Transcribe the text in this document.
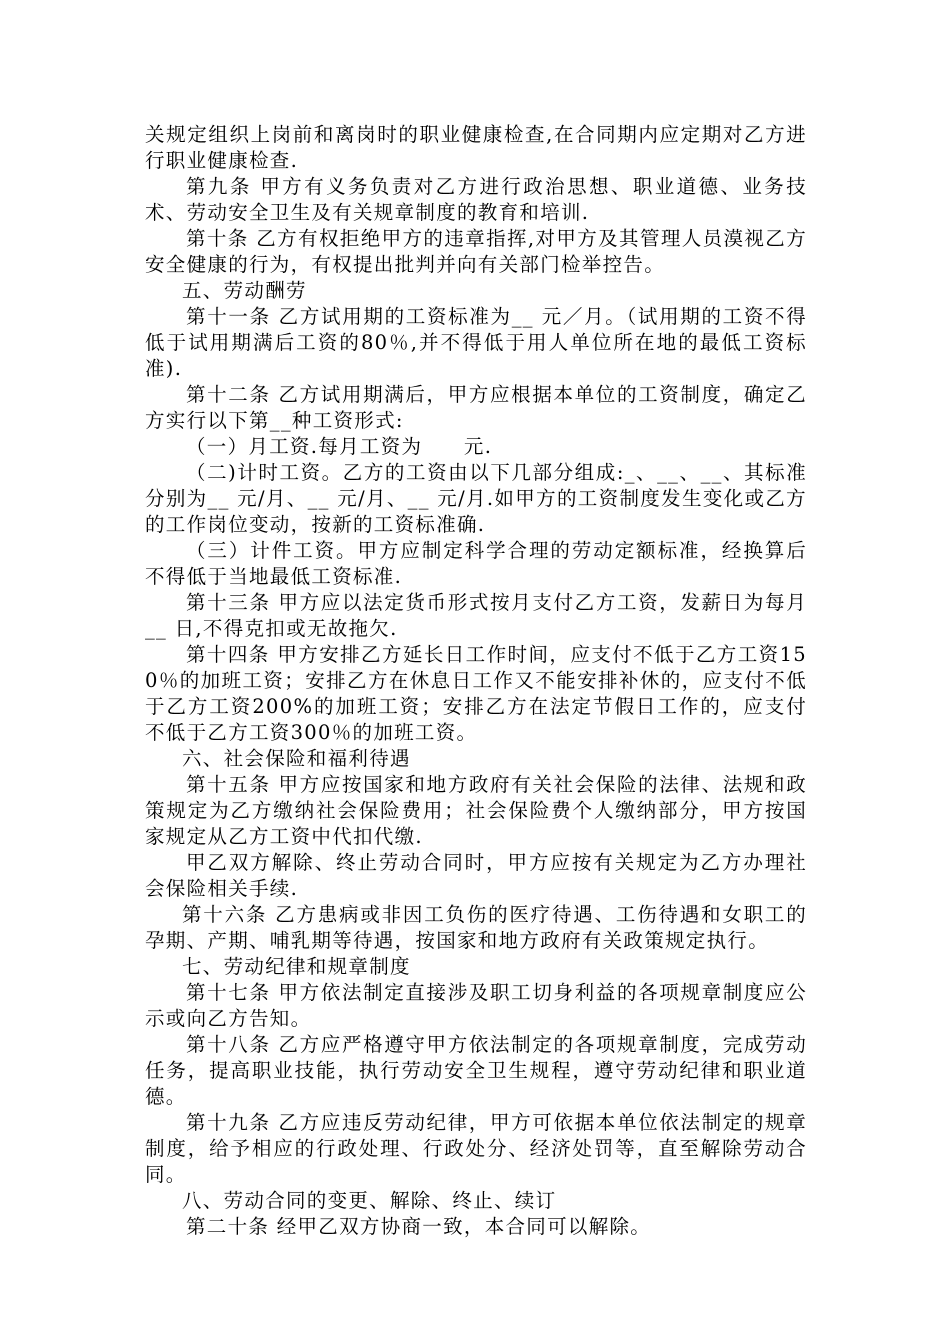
关规定组织上岗前和离岗时的职业健康检查,在合同期内应定期对乙方进行职业健康检查.

第九条 甲方有义务负责对乙方进行政治思想、职业道德、业务技术、劳动安全卫生及有关规章制度的教育和培训.

第十条 乙方有权拒绝甲方的违章指挥,对甲方及其管理人员漠视乙方安全健康的行为，有权提出批判并向有关部门检举控告。

五、劳动酬劳

第十一条 乙方试用期的工资标准为__ 元／月。（试用期的工资不得低于试用期满后工资的80％,并不得低于用人单位所在地的最低工资标准).

第十二条 乙方试用期满后，甲方应根据本单位的工资制度，确定乙方实行以下第__种工资形式:

（一）月工资.每月工资为　　元.

（二)计时工资。乙方的工资由以下几部分组成:_、__、__、其标准分别为__ 元/月、__ 元/月、__ 元/月.如甲方的工资制度发生变化或乙方的工作岗位变动，按新的工资标准确.

（三）计件工资。甲方应制定科学合理的劳动定额标准，经换算后不得低于当地最低工资标准.

第十三条 甲方应以法定货币形式按月支付乙方工资，发薪日为每月__ 日,不得克扣或无故拖欠.

第十四条 甲方安排乙方延长日工作时间，应支付不低于乙方工资150％的加班工资；安排乙方在休息日工作又不能安排补休的，应支付不低于乙方工资200%的加班工资；安排乙方在法定节假日工作的，应支付不低于乙方工资300％的加班工资。

六、社会保险和福利待遇

第十五条 甲方应按国家和地方政府有关社会保险的法律、法规和政策规定为乙方缴纳社会保险费用；社会保险费个人缴纳部分，甲方按国家规定从乙方工资中代扣代缴.

甲乙双方解除、终止劳动合同时，甲方应按有关规定为乙方办理社会保险相关手续.

第十六条 乙方患病或非因工负伤的医疗待遇、工伤待遇和女职工的孕期、产期、哺乳期等待遇，按国家和地方政府有关政策规定执行。

七、劳动纪律和规章制度

第十七条 甲方依法制定直接涉及职工切身利益的各项规章制度应公示或向乙方告知。

第十八条 乙方应严格遵守甲方依法制定的各项规章制度，完成劳动任务，提高职业技能，执行劳动安全卫生规程，遵守劳动纪律和职业道德。

第十九条 乙方应违反劳动纪律，甲方可依据本单位依法制定的规章制度，给予相应的行政处理、行政处分、经济处罚等，直至解除劳动合同。

八、劳动合同的变更、解除、终止、续订

第二十条 经甲乙双方协商一致，本合同可以解除。
